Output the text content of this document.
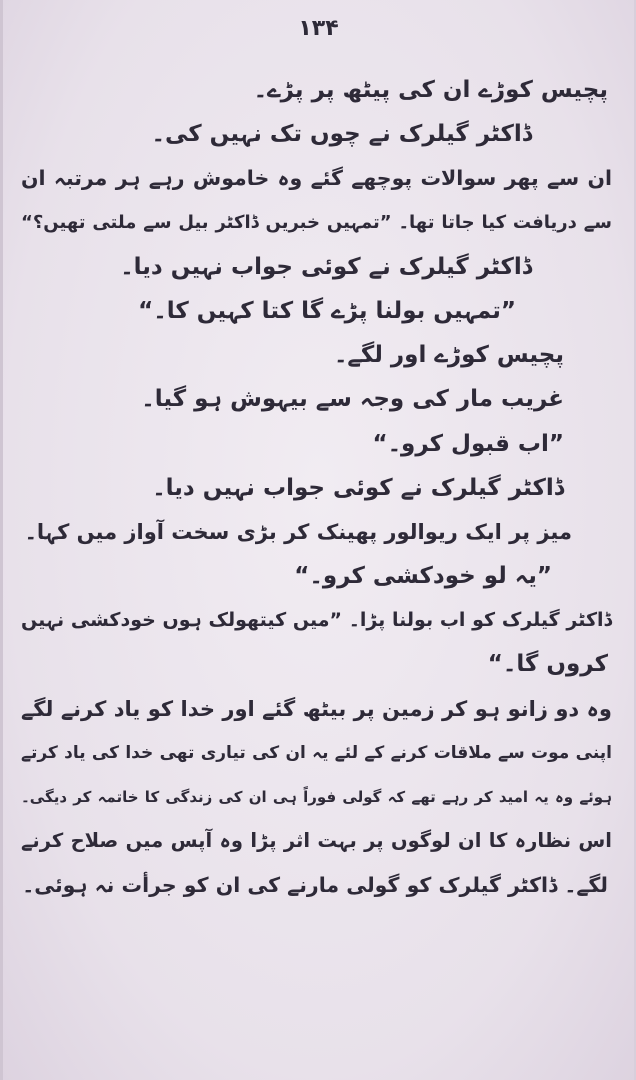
۱۳۴
پچیس کوڑے ان کی پیٹھ پر پڑے۔
ڈاکٹر گیلرک نے چوں تک نہیں کی۔
ان سے پھر سوالات پوچھے گئے وہ خاموش رہے ہر مرتبہ ان
سے دریافت کیا جاتا تھا۔ ”تمہیں خبریں ڈاکٹر بیل سے ملتی تھیں؟“
ڈاکٹر گیلرک نے کوئی جواب نہیں دیا۔
”تمہیں بولنا پڑے گا کتا کہیں کا۔“
پچیس کوڑے اور لگے۔
غریب مار کی وجہ سے بیہوش ہو گیا۔
”اب قبول کرو۔“
ڈاکٹر گیلرک نے کوئی جواب نہیں دیا۔
میز پر ایک ریوالور پھینک کر بڑی سخت آواز میں کہا۔
”یہ لو خودکشی کرو۔“
ڈاکٹر گیلرک کو اب بولنا پڑا۔ ”میں کیتھولک ہوں خودکشی نہیں
کروں گا۔“
وہ دو زانو ہو کر زمین پر بیٹھ گئے اور خدا کو یاد کرنے لگے
اپنی موت سے ملاقات کرنے کے لئے یہ ان کی تیاری تھی خدا کی یاد کرتے
ہوئے وہ یہ امید کر رہے تھے کہ گولی فوراً ہی ان کی زندگی کا خاتمہ کر دیگی۔
اس نظارہ کا ان لوگوں پر بہت اثر پڑا وہ آپس میں صلاح کرنے
لگے۔ ڈاکٹر گیلرک کو گولی مارنے کی ان کو جرأت نہ ہوئی۔
